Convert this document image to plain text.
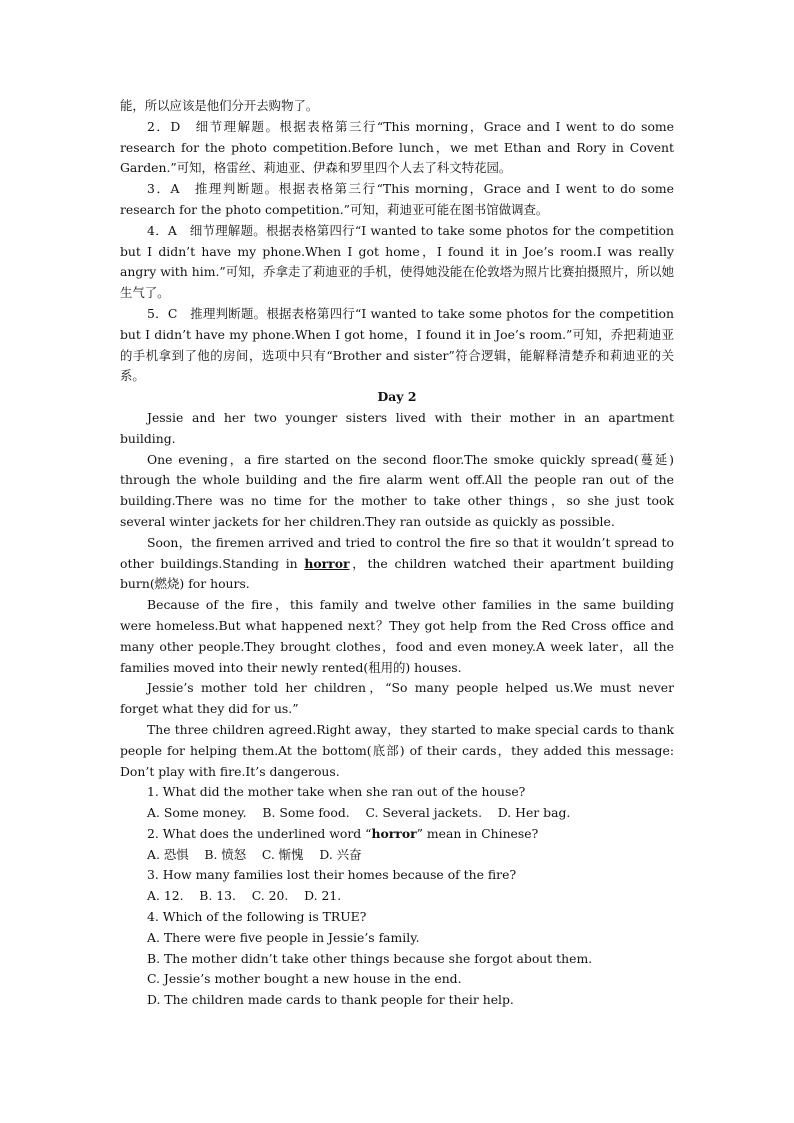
能，所以应该是他们分开去购物了。

2．D　细节理解题。根据表格第三行“This morning，Grace and I went to do some research for the photo competition.Before lunch，we met Ethan and Rory in Covent Garden.”可知，格雷丝、莉迪亚、伊森和罗里四个人去了科文特花园。

3．A　推理判断题。根据表格第三行“This morning，Grace and I went to do some research for the photo competition.”可知，莉迪亚可能在图书馆做调查。

4．A　细节理解题。根据表格第四行“I wanted to take some photos for the competition but I didn’t have my phone.When I got home，I found it in Joe’s room.I was really angry with him.”可知，乔拿走了莉迪亚的手机，使得她没能在伦敦塔为照片比赛拍摄照片，所以她生气了。

5．C　推理判断题。根据表格第四行“I wanted to take some photos for the competition but I didn’t have my phone.When I got home，I found it in Joe’s room.”可知，乔把莉迪亚的手机拿到了他的房间，选项中只有“Brother and sister”符合逻辑，能解释清楚乔和莉迪亚的关系。

Day 2

Jessie and her two younger sisters lived with their mother in an apartment building.

One evening，a fire started on the second floor.The smoke quickly spread(蔓延) through the whole building and the fire alarm went off.All the people ran out of the building.There was no time for the mother to take other things，so she just took several winter jackets for her children.They ran outside as quickly as possible.

Soon，the firemen arrived and tried to control the fire so that it wouldn’t spread to other buildings.Standing in horror，the children watched their apartment building burn(燃烧) for hours.

Because of the fire，this family and twelve other families in the same building were homeless.But what happened next？They got help from the Red Cross office and many other people.They brought clothes，food and even money.A week later，all the families moved into their newly rented(租用的) houses.

Jessie’s mother told her children，“So many people helped us.We must never forget what they did for us.”

The three children agreed.Right away，they started to make special cards to thank people for helping them.At the bottom(底部) of their cards，they added this message: Don’t play with fire.It’s dangerous.

1. What did the mother take when she ran out of the house?

A. Some money.    B. Some food.    C. Several jackets.    D. Her bag.

2. What does the underlined word “horror” mean in Chinese?

A. 恐惧    B. 愤怒    C. 惭愧    D. 兴奋

3. How many families lost their homes because of the fire?

A. 12.    B. 13.    C. 20.    D. 21.

4. Which of the following is TRUE?

A. There were five people in Jessie’s family.

B. The mother didn’t take other things because she forgot about them.

C. Jessie’s mother bought a new house in the end.

D. The children made cards to thank people for their help.
